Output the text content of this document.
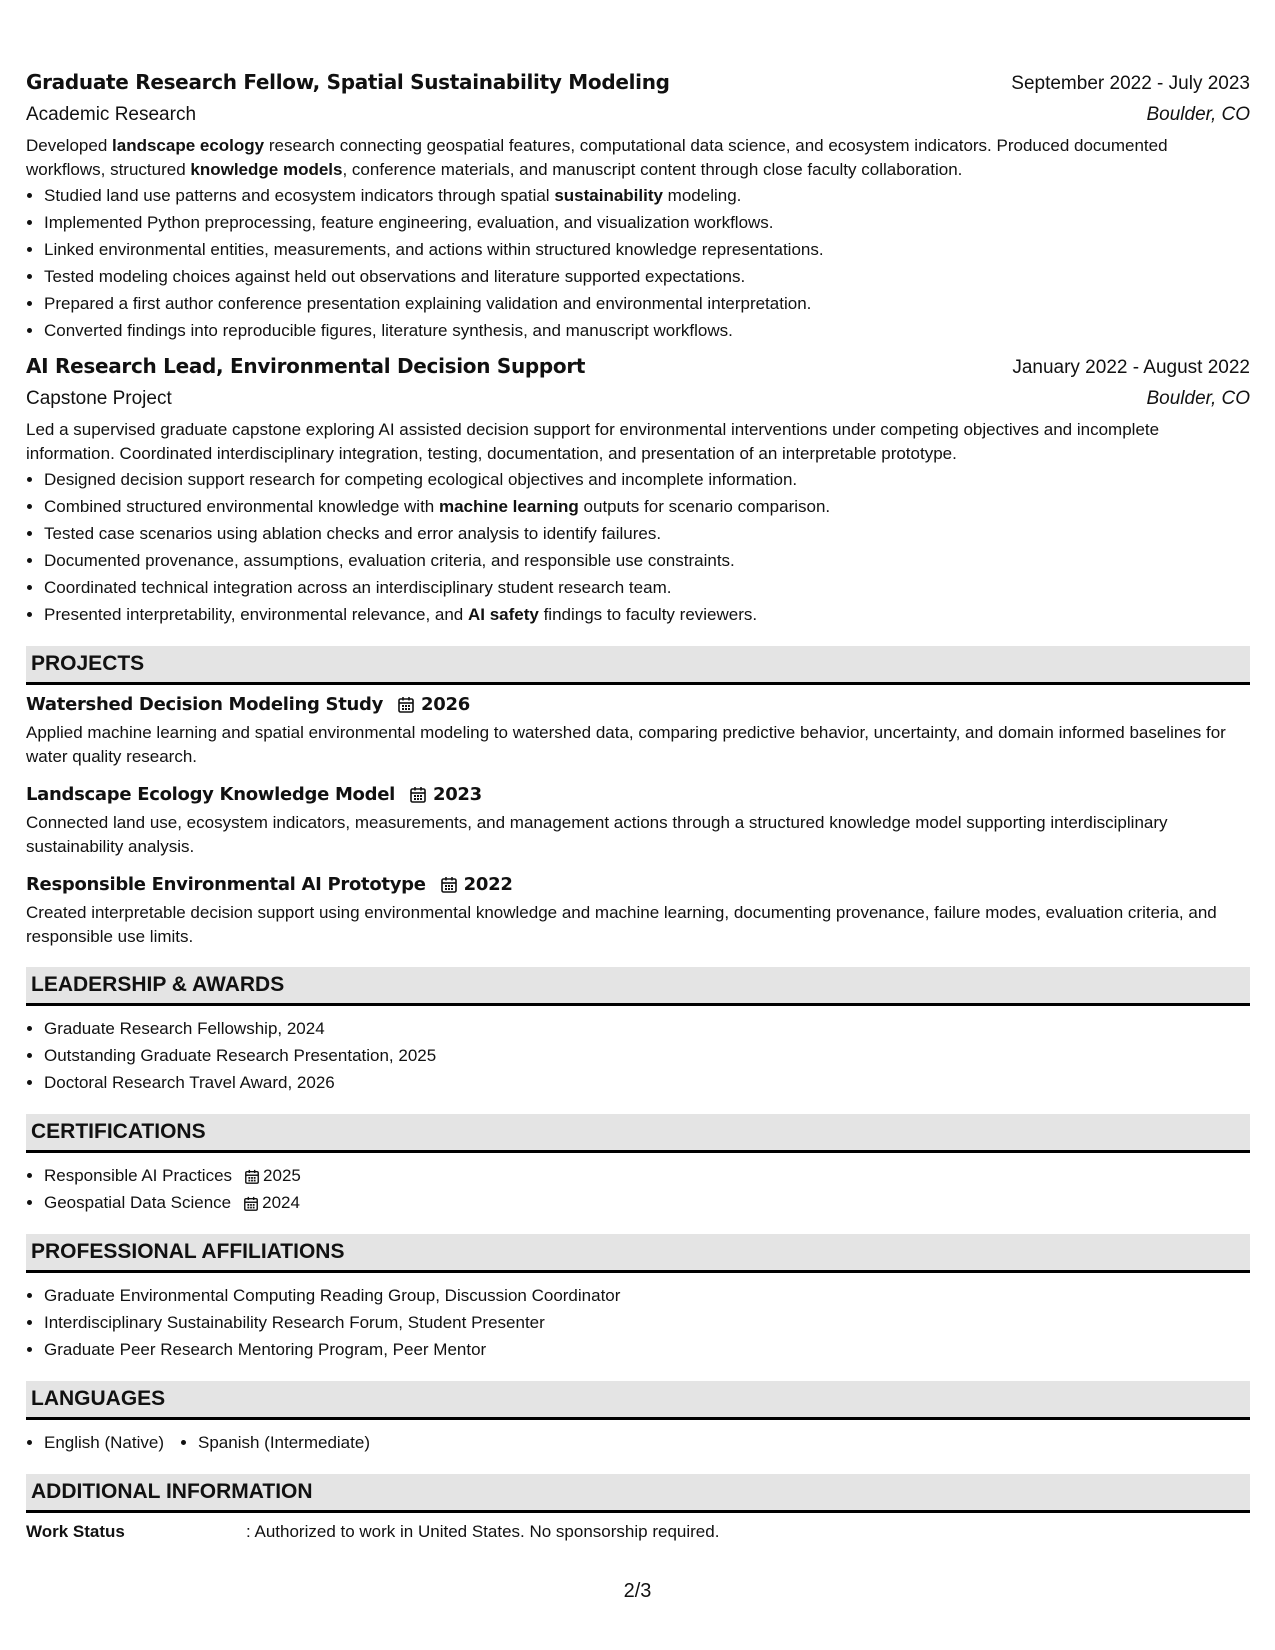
Graduate Research Fellow, Spatial Sustainability Modeling	September 2022 - July 2023
Academic Research	Boulder, CO
Developed landscape ecology research connecting geospatial features, computational data science, and ecosystem indicators. Produced documented workflows, structured knowledge models, conference materials, and manuscript content through close faculty collaboration.
• Studied land use patterns and ecosystem indicators through spatial sustainability modeling.
• Implemented Python preprocessing, feature engineering, evaluation, and visualization workflows.
• Linked environmental entities, measurements, and actions within structured knowledge representations.
• Tested modeling choices against held out observations and literature supported expectations.
• Prepared a first author conference presentation explaining validation and environmental interpretation.
• Converted findings into reproducible figures, literature synthesis, and manuscript workflows.
AI Research Lead, Environmental Decision Support	January 2022 - August 2022
Capstone Project	Boulder, CO
Led a supervised graduate capstone exploring AI assisted decision support for environmental interventions under competing objectives and incomplete information. Coordinated interdisciplinary integration, testing, documentation, and presentation of an interpretable prototype.
• Designed decision support research for competing ecological objectives and incomplete information.
• Combined structured environmental knowledge with machine learning outputs for scenario comparison.
• Tested case scenarios using ablation checks and error analysis to identify failures.
• Documented provenance, assumptions, evaluation criteria, and responsible use constraints.
• Coordinated technical integration across an interdisciplinary student research team.
• Presented interpretability, environmental relevance, and AI safety findings to faculty reviewers.
PROJECTS
Watershed Decision Modeling Study 2026
Applied machine learning and spatial environmental modeling to watershed data, comparing predictive behavior, uncertainty, and domain informed baselines for water quality research.
Landscape Ecology Knowledge Model 2023
Connected land use, ecosystem indicators, measurements, and management actions through a structured knowledge model supporting interdisciplinary sustainability analysis.
Responsible Environmental AI Prototype 2022
Created interpretable decision support using environmental knowledge and machine learning, documenting provenance, failure modes, evaluation criteria, and responsible use limits.
LEADERSHIP & AWARDS
• Graduate Research Fellowship, 2024
• Outstanding Graduate Research Presentation, 2025
• Doctoral Research Travel Award, 2026
CERTIFICATIONS
• Responsible AI Practices 2025
• Geospatial Data Science 2024
PROFESSIONAL AFFILIATIONS
• Graduate Environmental Computing Reading Group, Discussion Coordinator
• Interdisciplinary Sustainability Research Forum, Student Presenter
• Graduate Peer Research Mentoring Program, Peer Mentor
LANGUAGES
• English (Native)
• Spanish (Intermediate)
ADDITIONAL INFORMATION
Work Status	: Authorized to work in United States. No sponsorship required.
2/3
